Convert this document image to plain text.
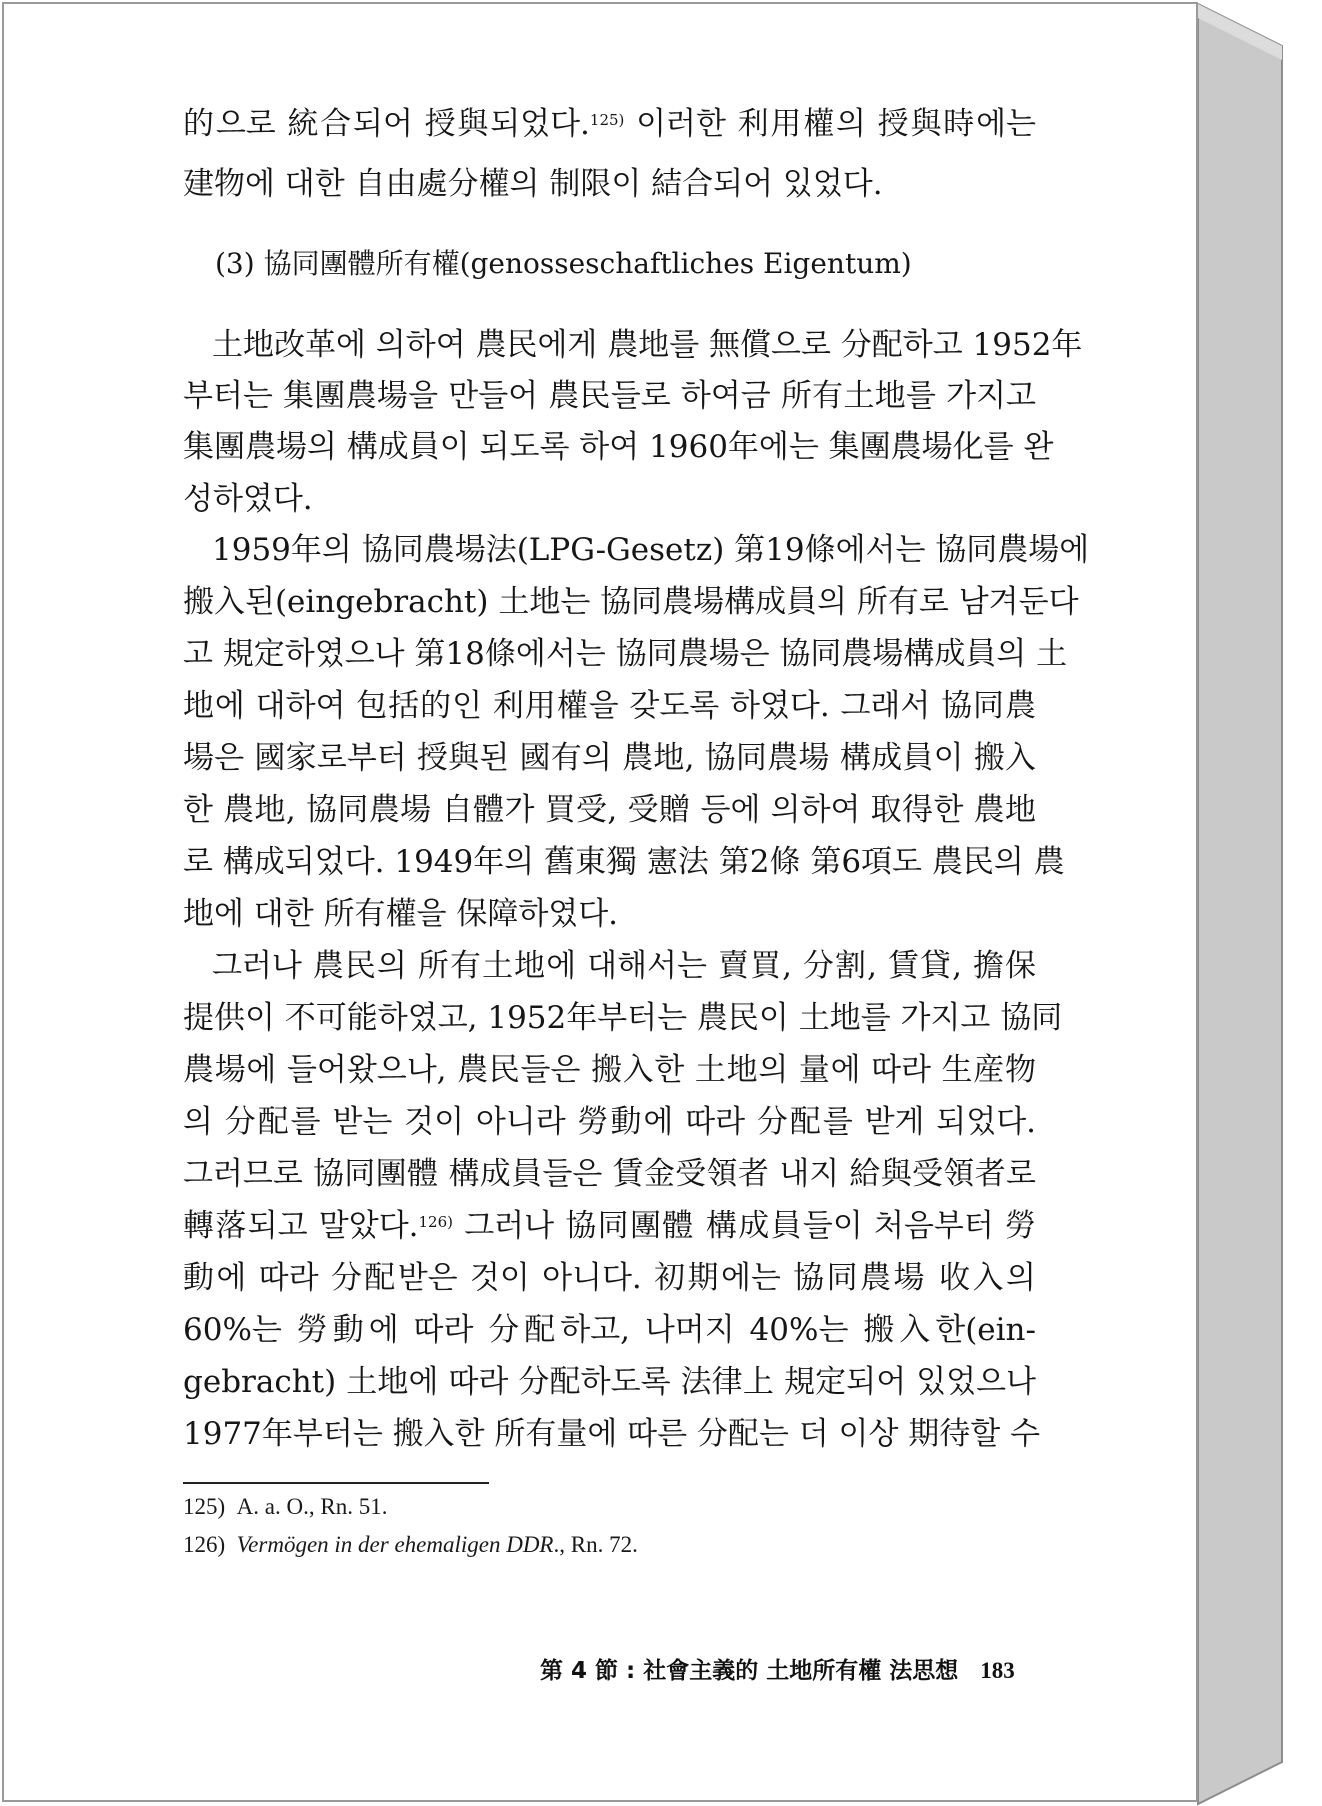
的으로 統合되어 授與되었다.$^{125)}$ 이러한 利用權의 授與時에는
建物에 대한 自由處分權의 制限이 結合되어 있었다.
(3) 協同團體所有權(genosseschaftliches Eigentum)
土地改革에 의하여 農民에게 農地를 無償으로 分配하고 1952年
부터는 集團農場을 만들어 農民들로 하여금 所有土地를 가지고
集團農場의 構成員이 되도록 하여 1960年에는 集團農場化를 완
성하였다.
1959年의 協同農場法(LPG-Gesetz) 第19條에서는 協同農場에
搬入된(eingebracht) 土地는 協同農場構成員의 所有로 남겨둔다
고 規定하였으나 第18條에서는 協同農場은 協同農場構成員의 土
地에 대하여 包括的인 利用權을 갖도록 하였다. 그래서 協同農
場은 國家로부터 授與된 國有의 農地, 協同農場 構成員이 搬入
한 農地, 協同農場 自體가 買受, 受贈 등에 의하여 取得한 農地
로 構成되었다. 1949年의 舊東獨 憲法 第2條 第6項도 農民의 農
地에 대한 所有權을 保障하였다.
그러나 農民의 所有土地에 대해서는 賣買, 分割, 賃貸, 擔保
提供이 不可能하였고, 1952年부터는 農民이 土地를 가지고 協同
農場에 들어왔으나, 農民들은 搬入한 土地의 量에 따라 生産物
의 分配를 받는 것이 아니라 勞動에 따라 分配를 받게 되었다.
그러므로 協同團體 構成員들은 賃金受領者 내지 給與受領者로
轉落되고 말았다.$^{126)}$ 그러나 協同團體 構成員들이 처음부터 勞
動에 따라 分配받은 것이 아니다. 初期에는 協同農場 收入의
60%는 勞動에 따라 分配하고, 나머지 40%는 搬入한(ein-
gebracht) 土地에 따라 分配하도록 法律上 規定되어 있었으나
1977年부터는 搬入한 所有量에 따른 分配는 더 이상 期待할 수
125) A. a. O., Rn. 51.
126) Vermögen in der ehemaligen DDR., Rn. 72.
第 4 節 : 社會主義的 土地所有權 法思想 183
